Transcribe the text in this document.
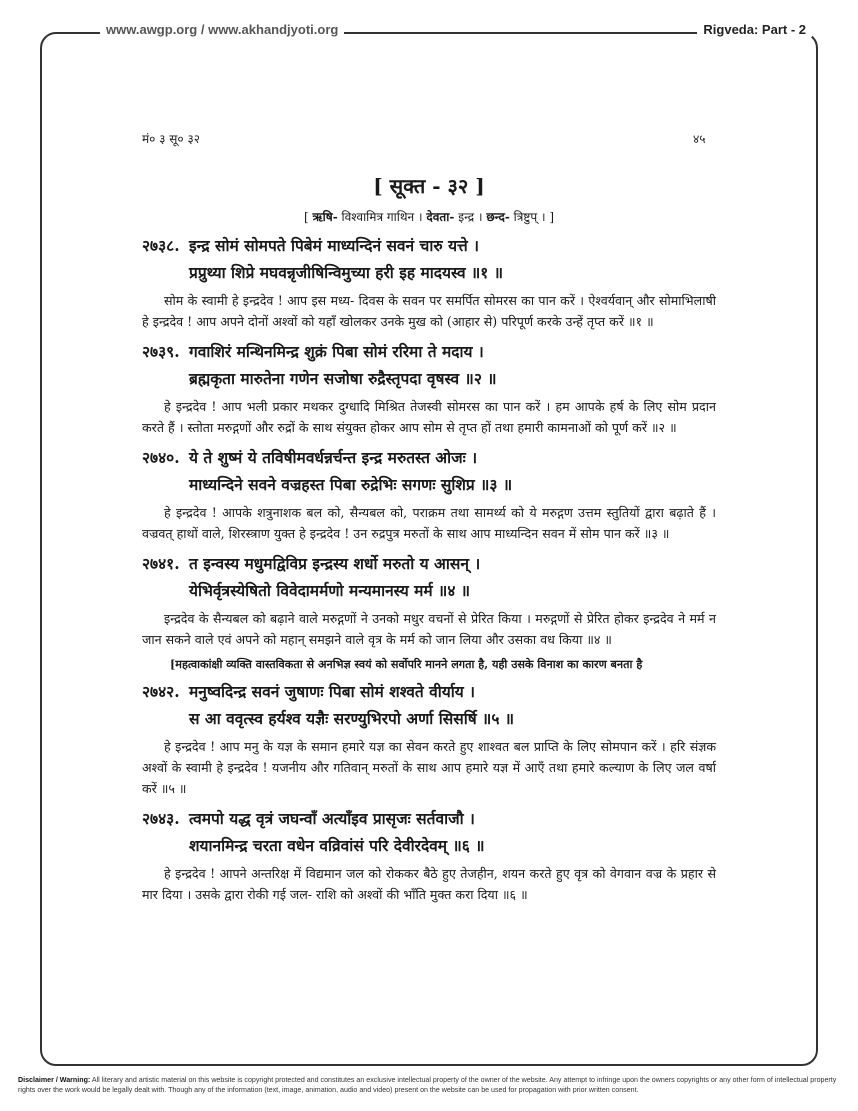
www.awgp.org / www.akhandjyoti.org	Rigveda: Part - 2
मं० ३ सू० ३२	४५
[ सूक्त - ३२ ]
[ ऋषि- विश्वामित्र गाथिन । देवता- इन्द्र । छन्द- त्रिष्टुप् । ]
२७३८. इन्द्र सोमं सोमपते पिबेमं माध्यन्दिनं सवनं चारु यत्ते ।
प्रप्रुथ्या शिप्रे मघवन्नृजीषिन्विमुच्या हरी इह मादयस्व ॥१ ॥
सोम के स्वामी हे इन्द्रदेव ! आप इस मध्य- दिवस के सवन पर समर्पित सोमरस का पान करें । ऐश्वर्यवान् और सोमाभिलाषी हे इन्द्रदेव ! आप अपने दोनों अश्वों को यहाँ खोलकर उनके मुख को (आहार से) परिपूर्ण करके उन्हें तृप्त करें ॥१ ॥
२७३९. गवाशिरं मन्थिनमिन्द्र शुक्रं पिबा सोमं ररिमा ते मदाय ।
ब्रह्मकृता मारुतेना गणेन सजोषा रुद्रैस्तृपदा वृषस्व ॥२ ॥
हे इन्द्रदेव ! आप भली प्रकार मथकर दुग्धादि मिश्रित तेजस्वी सोमरस का पान करें । हम आपके हर्ष के लिए सोम प्रदान करते हैं । स्तोता मरुद्गणों और रुद्रों के साथ संयुक्त होकर आप सोम से तृप्त हों तथा हमारी कामनाओं को पूर्ण करें ॥२ ॥
२७४०. ये ते शुष्मं ये तविषीमवर्धन्नर्चन्त इन्द्र मरुतस्त ओजः ।
माध्यन्दिने सवने वज्रहस्त पिबा रुद्रेभिः सगणः सुशिप्र ॥३ ॥
हे इन्द्रदेव ! आपके शत्रुनाशक बल को, सैन्यबल को, पराक्रम तथा सामर्थ्य को ये मरुद्गण उत्तम स्तुतियों द्वारा बढ़ाते हैं । वज्रवत् हाथों वाले, शिरस्त्राण युक्त हे इन्द्रदेव ! उन रुद्रपुत्र मरुतों के साथ आप माध्यन्दिन सवन में सोम पान करें ॥३ ॥
२७४१. त इन्वस्य मधुमद्विविप्र इन्द्रस्य शर्धो मरुतो य आसन् ।
येभिर्वृत्रस्येषितो विवेदामर्मणो मन्यमानस्य मर्म ॥४ ॥
इन्द्रदेव के सैन्यबल को बढ़ाने वाले मरुद्गणों ने उनको मधुर वचनों से प्रेरित किया । मरुद्गणों से प्रेरित होकर इन्द्रदेव ने मर्म न जान सकने वाले एवं अपने को महान् समझने वाले वृत्र के मर्म को जान लिया और उसका वध किया ॥४ ॥
[महत्वाकांक्षी व्यक्ति वास्तविकता से अनभिज्ञ स्वयं को सर्वोपरि मानने लगता है, यही उसके विनाश का कारण बनता है
२७४२. मनुष्वदिन्द्र सवनं जुषाणः पिबा सोमं शश्वते वीर्याय ।
स आ ववृत्स्व हर्यश्व यज्ञैः सरण्युभिरपो अर्णा सिसर्षि ॥५ ॥
हे इन्द्रदेव ! आप मनु के यज्ञ के समान हमारे यज्ञ का सेवन करते हुए शाश्वत बल प्राप्ति के लिए सोमपान करें । हरि संज्ञक अश्वों के स्वामी हे इन्द्रदेव ! यजनीय और गतिवान् मरुतों के साथ आप हमारे यज्ञ में आएँ तथा हमारे कल्याण के लिए जल वर्षा करें ॥५ ॥
२७४३. त्वमपो यद्ध वृत्रं जघन्वाँ अत्याँइव प्रासृजः सर्तवाजौ ।
शयानमिन्द्र चरता वधेन वव्रिवांसं परि देवीरदेवम् ॥६ ॥
हे इन्द्रदेव ! आपने अन्तरिक्ष में विद्यमान जल को रोककर बैठे हुए तेजहीन, शयन करते हुए वृत्र को वेगवान वज्र के प्रहार से मार दिया । उसके द्वारा रोकी गई जल- राशि को अश्वों की भाँति मुक्त करा दिया ॥६ ॥
Disclaimer / Warning: All literary and artistic material on this website is copyright protected and constitutes an exclusive intellectual property of the owner of the website. Any attempt to infringe upon the owners copyrights or any other form of intellectual property rights over the work would be legally dealt with. Though any of the information (text, image, animation, audio and video) present on the website can be used for propagation with prior written consent.
